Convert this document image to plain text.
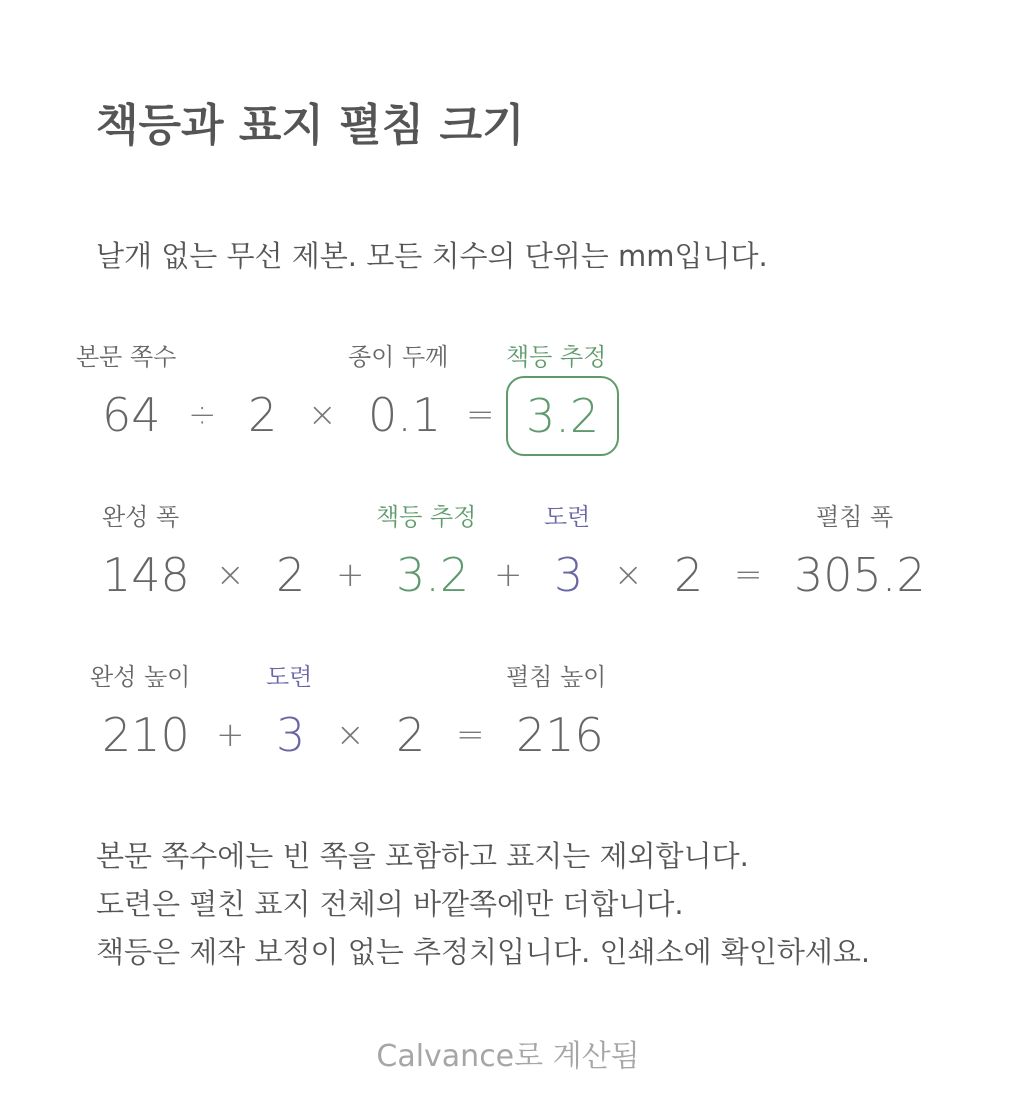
책등과 표지 펼침 크기
날개 없는 무선 제본. 모든 치수의 단위는 mm입니다.
본문 쪽수	종이 두께 책등 추정
64 ÷ 2 × 0.1 = 3.2
완성 폭	책등 추정	도련	펼침 폭
148 × 2 + 3.2 + 3 × 2 = 305.2
완성 높이	도련	펼침 높이
210 + 3 × 2 = 216
본문 쪽수에는 빈 쪽을 포함하고 표지는 제외합니다.
도련은 펼친 표지 전체의 바깥쪽에만 더합니다.
책등은 제작 보정이 없는 추정치입니다. 인쇄소에 확인하세요.
Calvance로 계산됨
